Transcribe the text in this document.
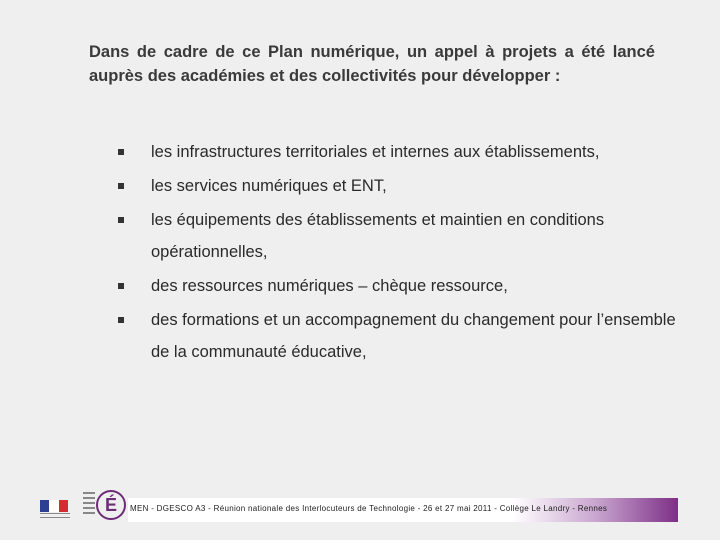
Dans de cadre de ce Plan numérique, un appel à projets a été lancé auprès des académies et des collectivités pour développer :

les infrastructures territoriales et internes aux établissements,
les services numériques et ENT,
les équipements des établissements et maintien en conditions opérationnelles,
des ressources numériques – chèque ressource,
des formations et un accompagnement du changement pour l’ensemble de la communauté éducative,
É	MEN - DGESCO A3 - Réunion nationale des Interlocuteurs de Technologie - 26 et 27 mai 2011 - Collège Le Landry - Rennes
